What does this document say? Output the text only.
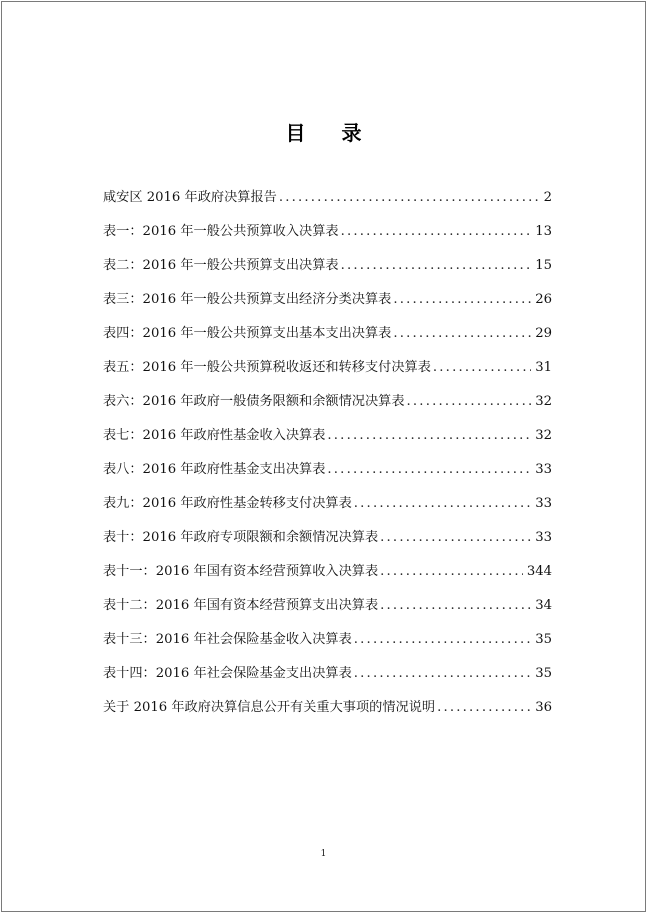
目录
咸安区 2016 年政府决算报告 .....	2
表一：2016 年一般公共预算收入决算表 .....	13
表二：2016 年一般公共预算支出决算表 .....	15
表三：2016 年一般公共预算支出经济分类决算表 .....	26
表四：2016 年一般公共预算支出基本支出决算表 .....	29
表五：2016 年一般公共预算税收返还和转移支付决算表 .....	31
表六：2016 年政府一般债务限额和余额情况决算表 .....	32
表七：2016 年政府性基金收入决算表 .....	32
表八：2016 年政府性基金支出决算表 .....	33
表九：2016 年政府性基金转移支付决算表 .....	33
表十：2016 年政府专项限额和余额情况决算表 .....	33
表十一：2016 年国有资本经营预算收入决算表 .....	344
表十二：2016 年国有资本经营预算支出决算表 .....	34
表十三：2016 年社会保险基金收入决算表 .....	35
表十四：2016 年社会保险基金支出决算表 .....	35
关于 2016 年政府决算信息公开有关重大事项的情况说明 .....	36
1
